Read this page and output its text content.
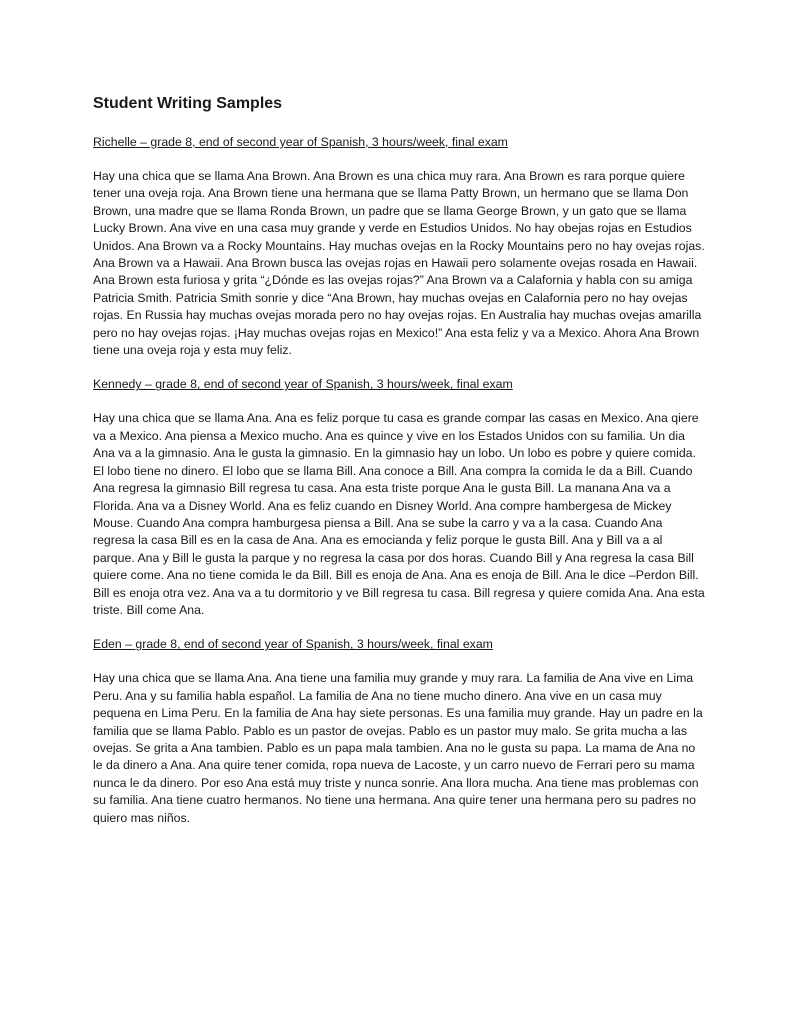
Student Writing Samples

Richelle – grade 8, end of second year of Spanish, 3 hours/week, final exam

Hay una chica que se llama Ana Brown. Ana Brown es una chica muy rara. Ana Brown es rara porque quiere tener una oveja roja. Ana Brown tiene una hermana que se llama Patty Brown, un hermano que se llama Don Brown, una madre que se llama Ronda Brown, un padre que se llama George Brown, y un gato que se llama Lucky Brown. Ana vive en una casa muy grande y verde en Estudios Unidos. No hay obejas rojas en Estudios Unidos. Ana Brown va a Rocky Mountains. Hay muchas ovejas en la Rocky Mountains pero no hay ovejas rojas. Ana Brown va a Hawaii. Ana Brown busca las ovejas rojas en Hawaii pero solamente ovejas rosada en Hawaii. Ana Brown esta furiosa y grita “¿Dónde es las ovejas rojas?” Ana Brown va a Calafornia y habla con su amiga Patricia Smith. Patricia Smith sonrie y dice “Ana Brown, hay muchas ovejas en Calafornia pero no hay ovejas rojas. En Russia hay muchas ovejas morada pero no hay ovejas rojas. En Australia hay muchas ovejas amarilla pero no hay ovejas rojas. ¡Hay muchas ovejas rojas en Mexico!” Ana esta feliz y va a Mexico. Ahora Ana Brown tiene una oveja roja y esta muy feliz.

Kennedy – grade 8, end of second year of Spanish, 3 hours/week, final exam

Hay una chica que se llama Ana. Ana es feliz porque tu casa es grande compar las casas en Mexico. Ana qiere va a Mexico. Ana piensa a Mexico mucho. Ana es quince y vive en los Estados Unidos con su familia. Un dia Ana va a la gimnasio. Ana le gusta la gimnasio. En la gimnasio hay un lobo. Un lobo es pobre y quiere comida. El lobo tiene no dinero. El lobo que se llama Bill. Ana conoce a Bill. Ana compra la comida le da a Bill. Cuando Ana regresa la gimnasio Bill regresa tu casa. Ana esta triste porque Ana le gusta Bill. La manana Ana va a Florida. Ana va a Disney World. Ana es feliz cuando en Disney World. Ana compre hambergesa de Mickey Mouse. Cuando Ana compra hamburgesa piensa a Bill. Ana se sube la carro y va a la casa. Cuando Ana regresa la casa Bill es en la casa de Ana. Ana es emocianda y feliz porque le gusta Bill. Ana y Bill va a al parque. Ana y Bill le gusta la parque y no regresa la casa por dos horas. Cuando Bill y Ana regresa la casa Bill quiere come. Ana no tiene comida le da Bill. Bill es enoja de Ana. Ana es enoja de Bill. Ana le dice –Perdon Bill. Bill es enoja otra vez. Ana va a tu dormitorio y ve Bill regresa tu casa. Bill regresa y quiere comida Ana. Ana esta triste. Bill come Ana.

Eden – grade 8, end of second year of Spanish, 3 hours/week, final exam

Hay una chica que se llama Ana. Ana tiene una familia muy grande y muy rara. La familia de Ana vive en Lima Peru. Ana y su familia habla español. La familia de Ana no tiene mucho dinero. Ana vive en un casa muy pequena en Lima Peru. En la familia de Ana hay siete personas. Es una familia muy grande. Hay un padre en la familia que se llama Pablo. Pablo es un pastor de ovejas. Pablo es un pastor muy malo. Se grita mucha a las ovejas. Se grita a Ana tambien. Pablo es un papa mala tambien. Ana no le gusta su papa. La mama de Ana no le da dinero a Ana. Ana quire tener comida, ropa nueva de Lacoste, y un carro nuevo de Ferrari pero su mama nunca le da dinero. Por eso Ana está muy triste y nunca sonrie. Ana llora mucha. Ana tiene mas problemas con su familia. Ana tiene cuatro hermanos. No tiene una hermana. Ana quire tener una hermana pero su padres no quiero mas niños.
